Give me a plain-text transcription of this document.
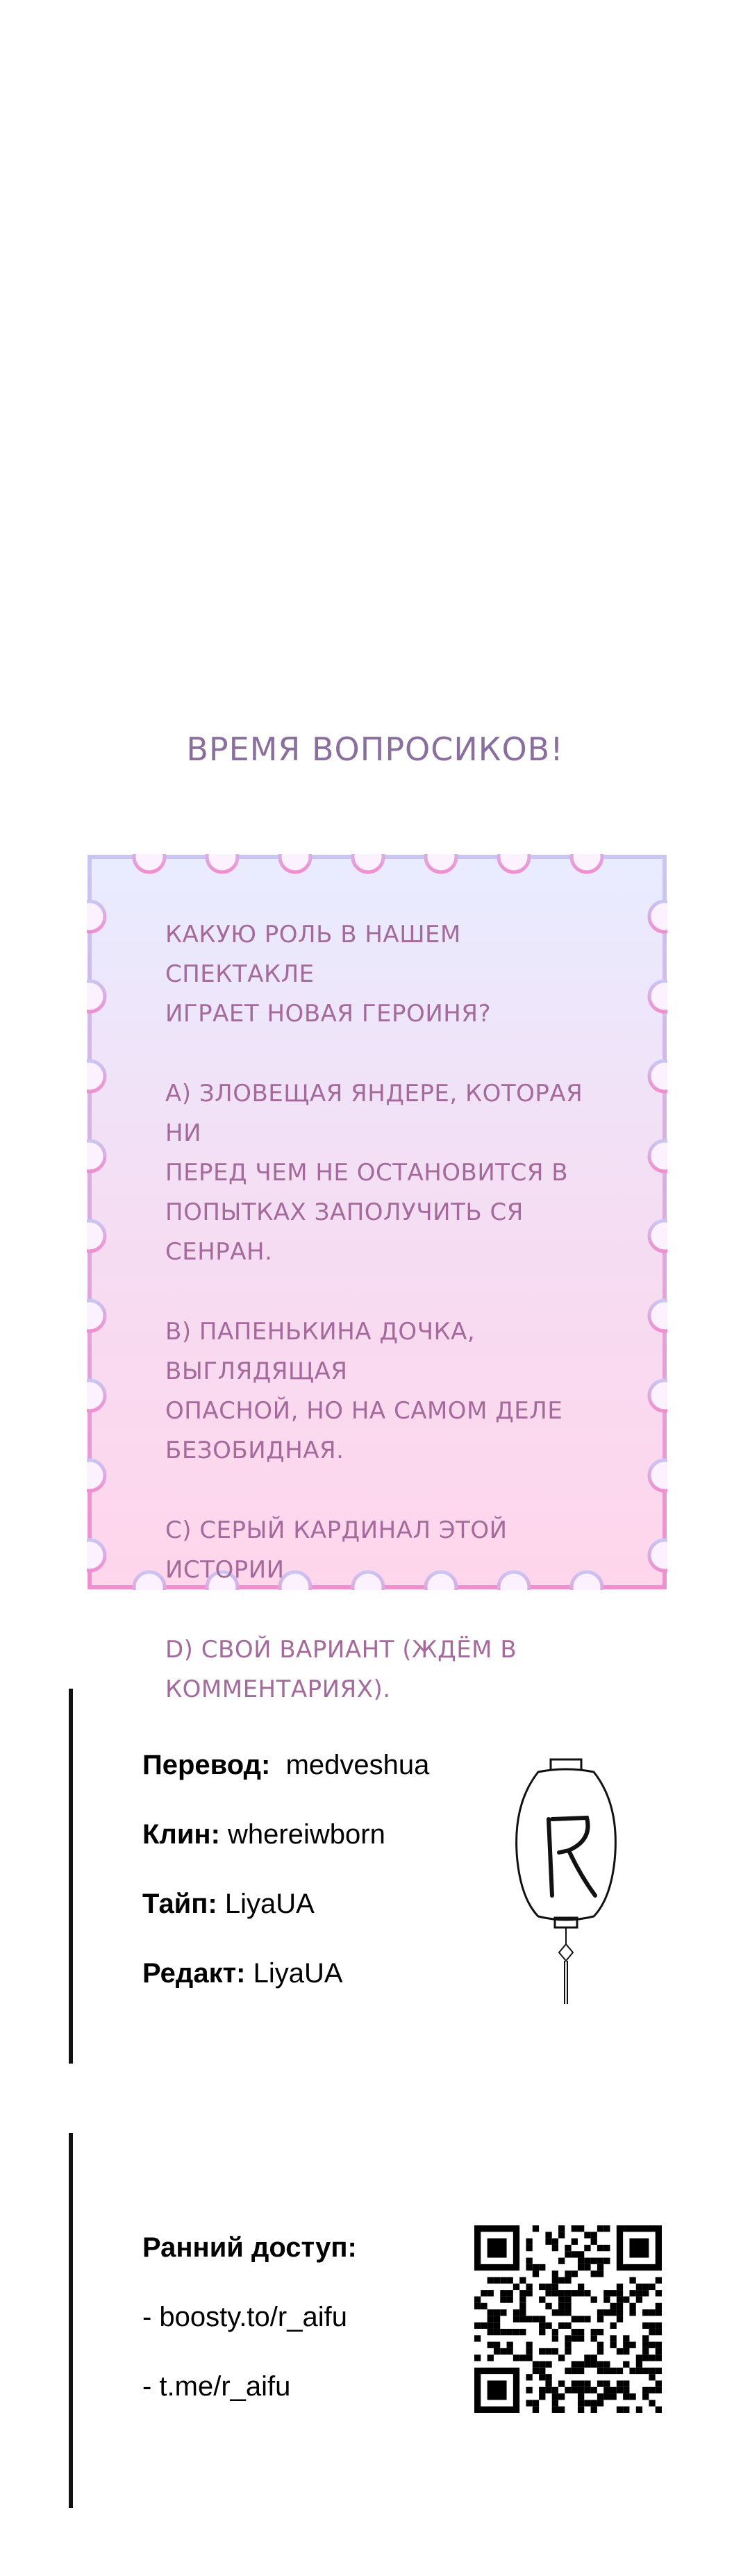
ВРЕМЯ ВОПРОСИКОВ!

КАКУЮ РОЛЬ В НАШЕМ СПЕКТАКЛЕ
ИГРАЕТ НОВАЯ ГЕРОИНЯ?

A) ЗЛОВЕЩАЯ ЯНДЕРЕ, КОТОРАЯ НИ
ПЕРЕД ЧЕМ НЕ ОСТАНОВИТСЯ В
ПОПЫТКАХ ЗАПОЛУЧИТЬ СЯ СЕНРАН.

B) ПАПЕНЬКИНА ДОЧКА, ВЫГЛЯДЯЩАЯ
ОПАСНОЙ, НО НА САМОМ ДЕЛЕ
БЕЗОБИДНАЯ.

C) СЕРЫЙ КАРДИНАЛ ЭТОЙ ИСТОРИИ

D) СВОЙ ВАРИАНТ (ЖДЁМ В
КОММЕНТАРИЯХ).

Перевод: medveshua
Клин: whereiwborn
Тайп: LiyaUA
Редакт: LiyaUA
Ранний доступ:
- boosty.to/r_aifu
- t.me/r_aifu
